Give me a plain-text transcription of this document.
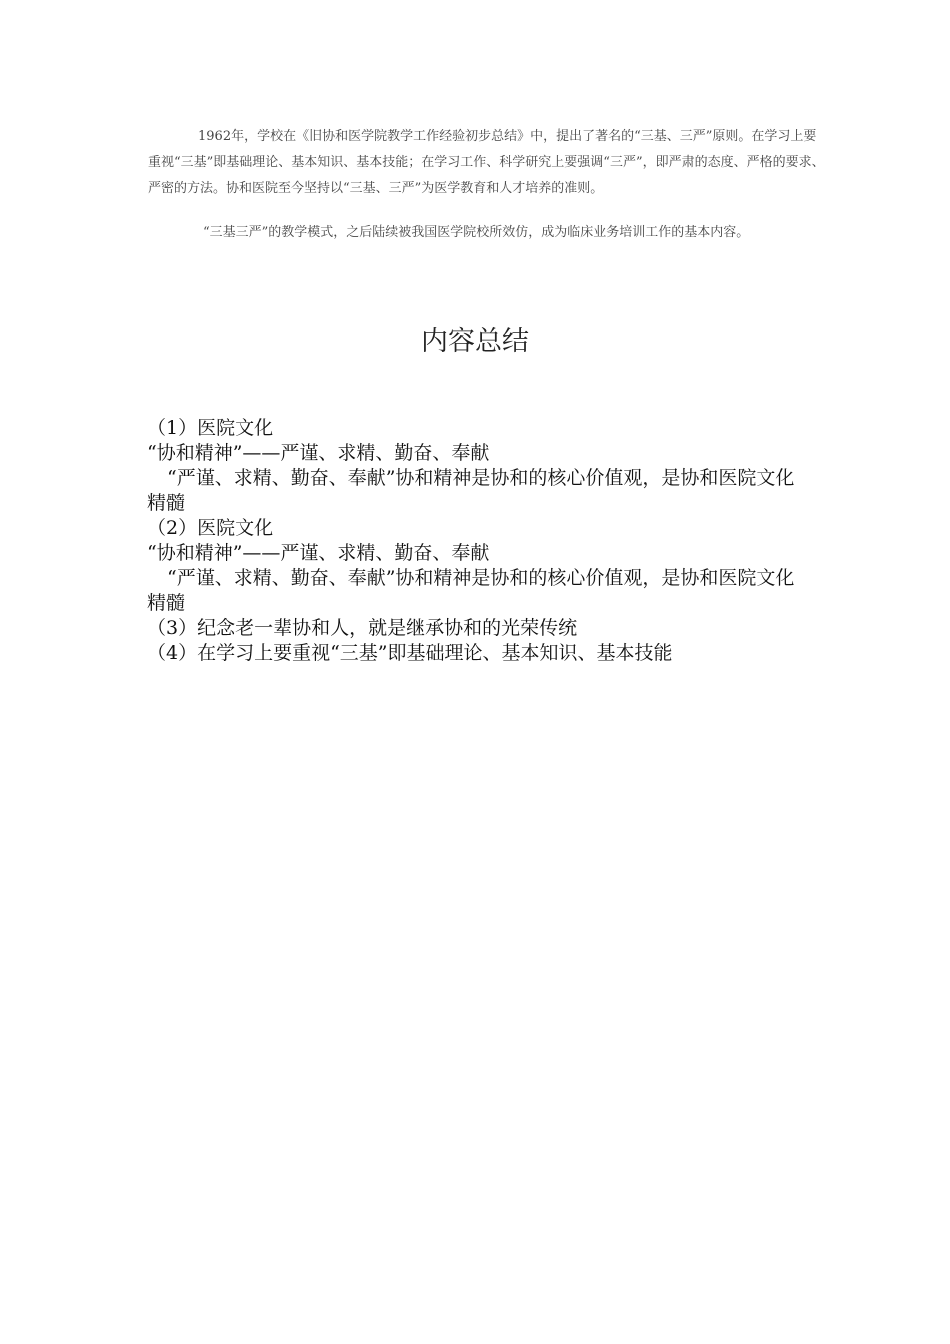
1962年，学校在《旧协和医学院教学工作经验初步总结》中，提出了著名的“三基、三严”原则。在学习上要重视“三基”即基础理论、基本知识、基本技能；在学习工作、科学研究上要强调“三严”，即严肃的态度、严格的要求、严密的方法。协和医院至今坚持以“三基、三严”为医学教育和人才培养的准则。

“三基三严”的教学模式，之后陆续被我国医学院校所效仿，成为临床业务培训工作的基本内容。

内容总结

（1）医院文化

“协和精神”——严谨、求精、勤奋、奉献

“严谨、求精、勤奋、奉献”协和精神是协和的核心价值观，是协和医院文化精髓

（2）医院文化

“协和精神”——严谨、求精、勤奋、奉献

“严谨、求精、勤奋、奉献”协和精神是协和的核心价值观，是协和医院文化精髓

（3）纪念老一辈协和人，就是继承协和的光荣传统

（4）在学习上要重视“三基”即基础理论、基本知识、基本技能
